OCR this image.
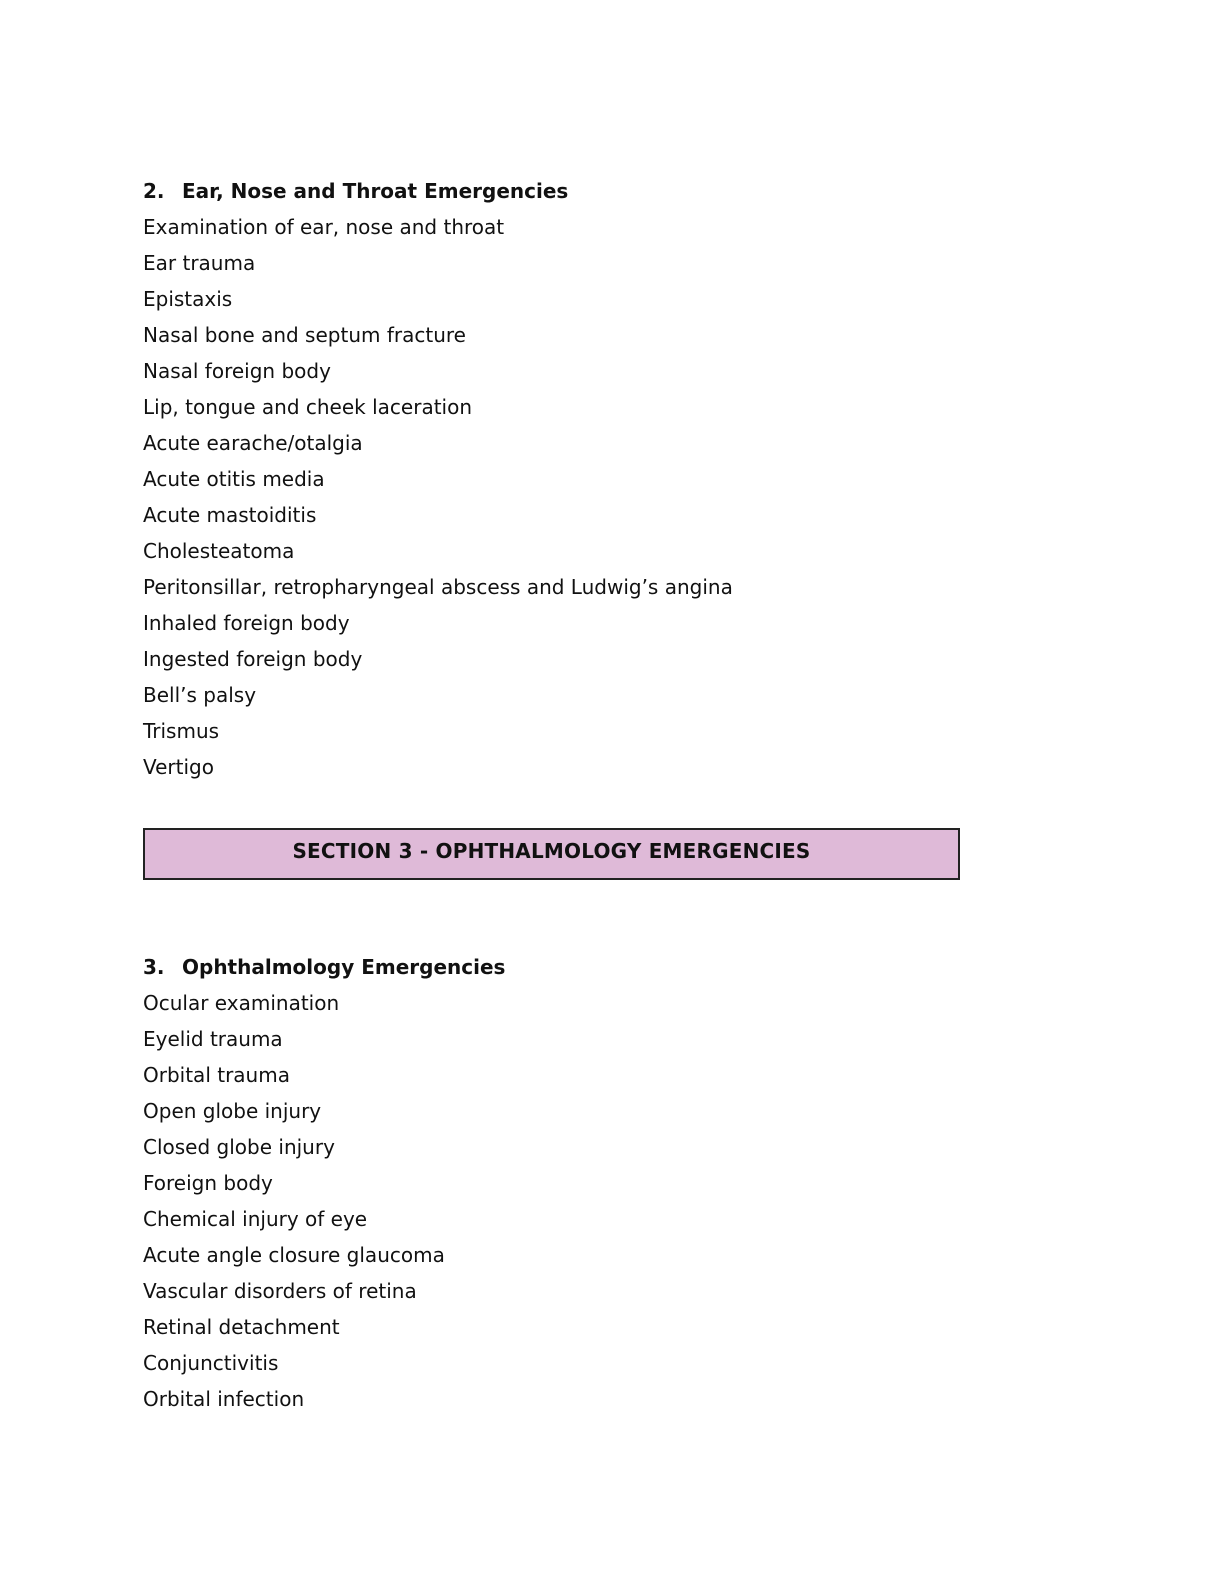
2. Ear, Nose and Throat Emergencies
Examination of ear, nose and throat
Ear trauma
Epistaxis
Nasal bone and septum fracture
Nasal foreign body
Lip, tongue and cheek laceration
Acute earache/otalgia
Acute otitis media
Acute mastoiditis
Cholesteatoma
Peritonsillar, retropharyngeal abscess and Ludwig’s angina
Inhaled foreign body
Ingested foreign body
Bell’s palsy
Trismus
Vertigo
SECTION 3 - OPHTHALMOLOGY EMERGENCIES
3. Ophthalmology Emergencies
Ocular examination
Eyelid trauma
Orbital trauma
Open globe injury
Closed globe injury
Foreign body
Chemical injury of eye
Acute angle closure glaucoma
Vascular disorders of retina
Retinal detachment
Conjunctivitis
Orbital infection
